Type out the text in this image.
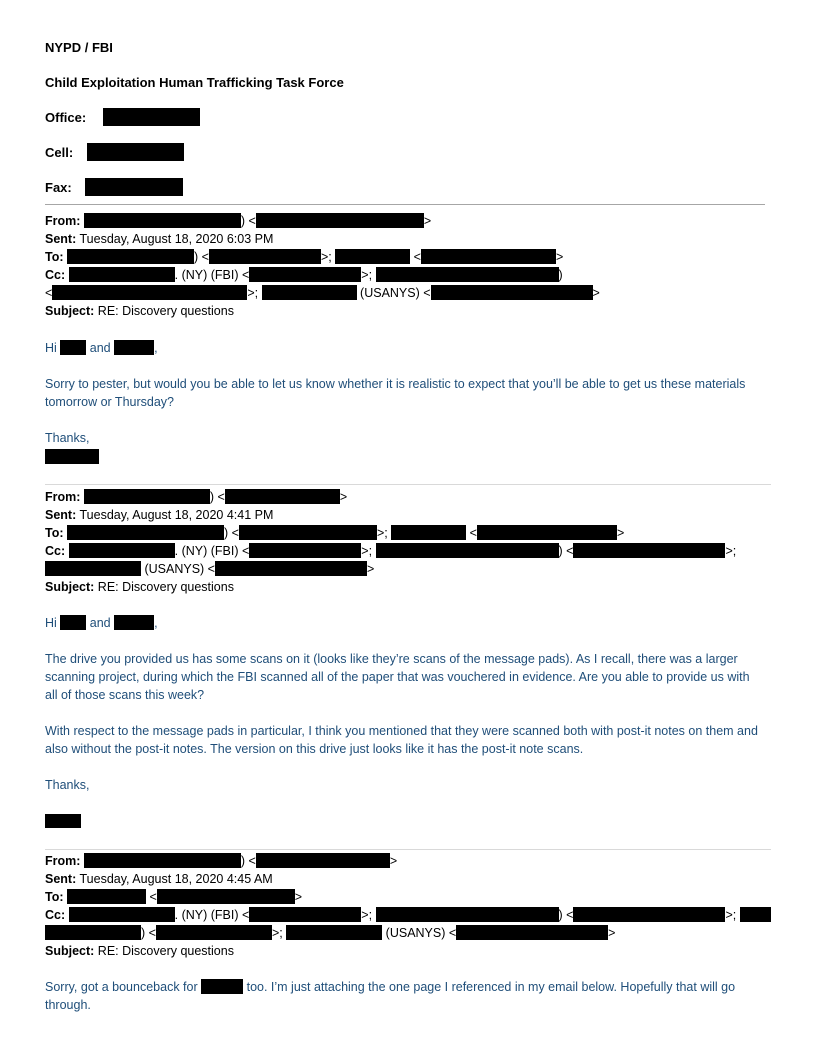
NYPD / FBI
Child Exploitation Human Trafficking Task Force
Office:
Cell:
Fax:
From:	) <	>
Sent: Tuesday, August 18, 2020 6:03 PM
To:	) <	>;	<	>
Cc:	. (NY) (FBI) <	>;	)
<	>;	(USANYS) <	>
Subject: RE: Discovery questions
Hi	and	,
Sorry to pester, but would you be able to let us know whether it is realistic to expect that you’ll be able to get us these materials tomorrow or Thursday?
Thanks,
From:	) <	>
Sent: Tuesday, August 18, 2020 4:41 PM
To:	) <	>;	<	>
Cc:	. (NY) (FBI) <	>;	) <	>;
(USANYS) <	>
Subject: RE: Discovery questions
Hi	and	,
The drive you provided us has some scans on it (looks like they’re scans of the message pads). As I recall, there was a larger scanning project, during which the FBI scanned all of the paper that was vouchered in evidence. Are you able to provide us with all of those scans this week?
With respect to the message pads in particular, I think you mentioned that they were scanned both with post-it notes on them and also without the post-it notes. The version on this drive just looks like it has the post-it note scans.
Thanks,
From:	) <	>
Sent: Tuesday, August 18, 2020 4:45 AM
To:	<	>
Cc:	. (NY) (FBI) <	>;	) <	>;
) <	>;	(USANYS) <	>
Subject: RE: Discovery questions
Sorry, got a bounceback for	too. I’m just attaching the one page I referenced in my email below. Hopefully that will go through.
